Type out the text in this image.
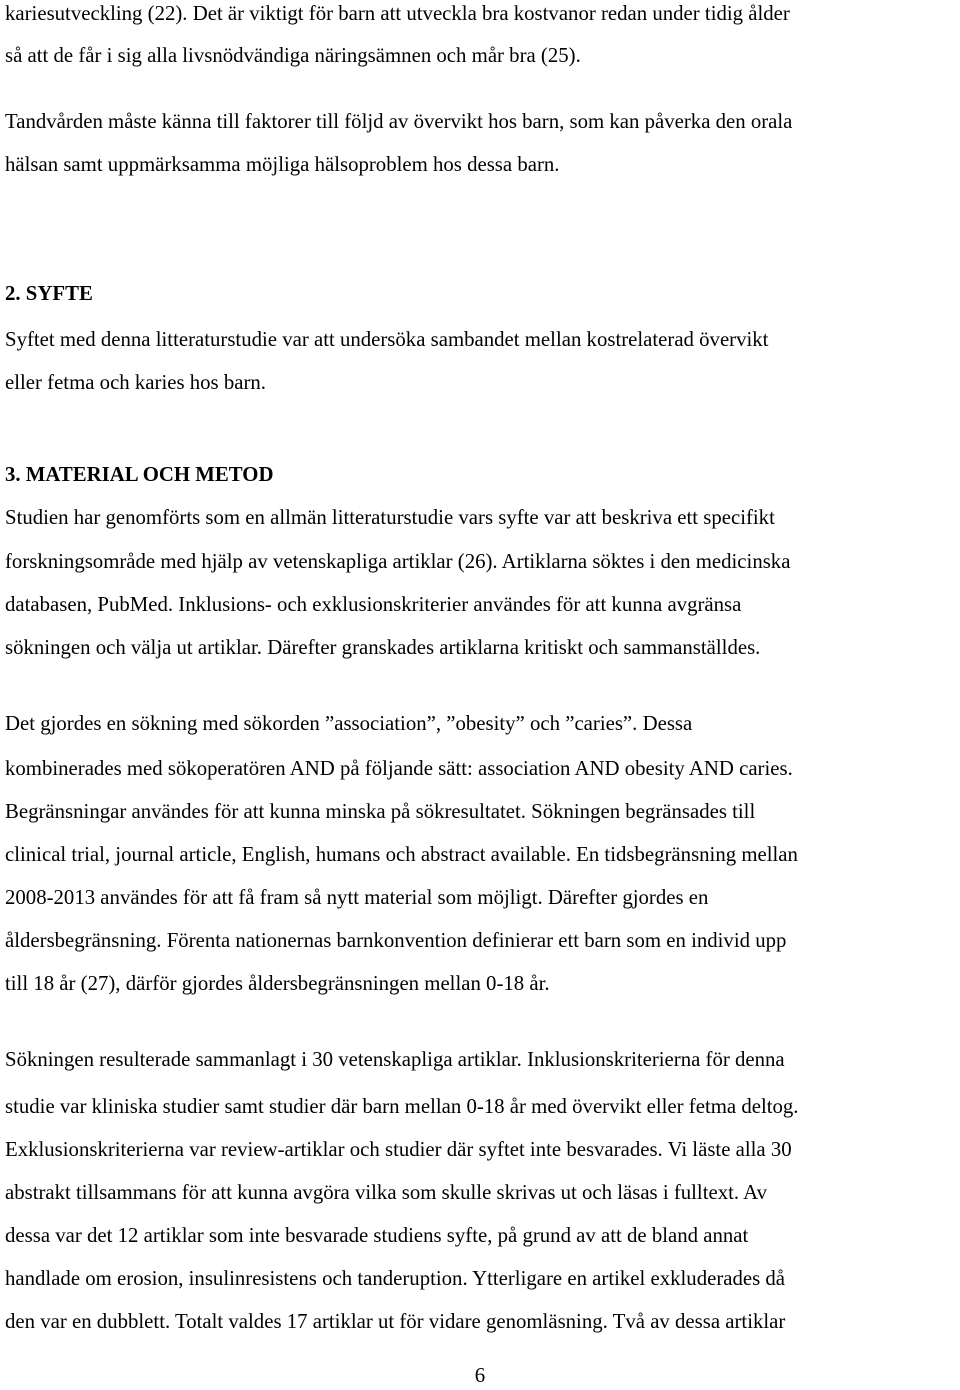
kariesutveckling (22). Det är viktigt för barn att utveckla bra kostvanor redan under tidig ålder
så att de får i sig alla livsnödvändiga näringsämnen och mår bra (25).
Tandvården måste känna till faktorer till följd av övervikt hos barn, som kan påverka den orala
hälsan samt uppmärksamma möjliga hälsoproblem hos dessa barn.
2. SYFTE
Syftet med denna litteraturstudie var att undersöka sambandet mellan kostrelaterad övervikt
eller fetma och karies hos barn.
3. MATERIAL OCH METOD
Studien har genomförts som en allmän litteraturstudie vars syfte var att beskriva ett specifikt
forskningsområde med hjälp av vetenskapliga artiklar (26). Artiklarna söktes i den medicinska
databasen, PubMed. Inklusions- och exklusionskriterier användes för att kunna avgränsa
sökningen och välja ut artiklar. Därefter granskades artiklarna kritiskt och sammanställdes.
Det gjordes en sökning med sökorden ”association”, ”obesity” och ”caries”. Dessa
kombinerades med sökoperatören AND på följande sätt: association AND obesity AND caries.
Begränsningar användes för att kunna minska på sökresultatet. Sökningen begränsades till
clinical trial, journal article, English, humans och abstract available. En tidsbegränsning mellan
2008-2013 användes för att få fram så nytt material som möjligt. Därefter gjordes en
åldersbegränsning. Förenta nationernas barnkonvention definierar ett barn som en individ upp
till 18 år (27), därför gjordes åldersbegränsningen mellan 0-18 år.
Sökningen resulterade sammanlagt i 30 vetenskapliga artiklar. Inklusionskriterierna för denna
studie var kliniska studier samt studier där barn mellan 0-18 år med övervikt eller fetma deltog.
Exklusionskriterierna var review-artiklar och studier där syftet inte besvarades. Vi läste alla 30
abstrakt tillsammans för att kunna avgöra vilka som skulle skrivas ut och läsas i fulltext. Av
dessa var det 12 artiklar som inte besvarade studiens syfte, på grund av att de bland annat
handlade om erosion, insulinresistens och tanderuption. Ytterligare en artikel exkluderades då
den var en dubblett. Totalt valdes 17 artiklar ut för vidare genomläsning. Två av dessa artiklar
6
